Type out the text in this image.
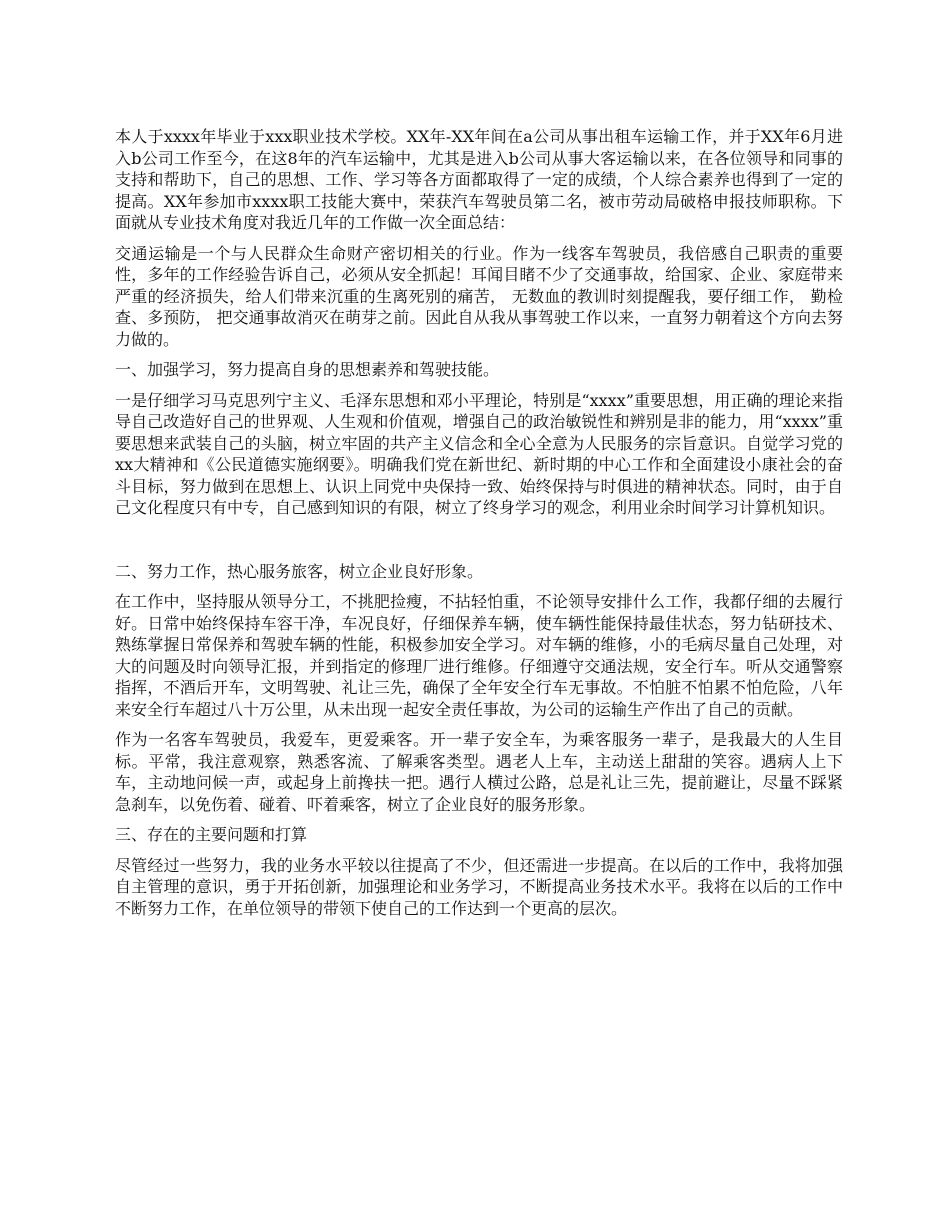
本人于xxxx年毕业于xxx职业技术学校。XX年-XX年间在a公司从事出租车运输工作，并于XX年6月进入b公司工作至今，在这8年的汽车运输中，尤其是进入b公司从事大客运输以来，在各位领导和同事的支持和帮助下，自己的思想、工作、学习等各方面都取得了一定的成绩，个人综合素养也得到了一定的提高。XX年参加市xxxx职工技能大赛中，荣获汽车驾驶员第二名，被市劳动局破格申报技师职称。下面就从专业技术角度对我近几年的工作做一次全面总结：

交通运输是一个与人民群众生命财产密切相关的行业。作为一线客车驾驶员，我倍感自己职责的重要性，多年的工作经验告诉自己，必须从安全抓起！耳闻目睹不少了交通事故，给国家、企业、家庭带来严重的经济损失，给人们带来沉重的生离死别的痛苦， 无数血的教训时刻提醒我，要仔细工作， 勤检查、多预防， 把交通事故消灭在萌芽之前。因此自从我从事驾驶工作以来，一直努力朝着这个方向去努力做的。

一、加强学习，努力提高自身的思想素养和驾驶技能。

一是仔细学习马克思列宁主义、毛泽东思想和邓小平理论，特别是“xxxx”重要思想，用正确的理论来指导自己改造好自己的世界观、人生观和价值观，增强自己的政治敏锐性和辨别是非的能力，用“xxxx”重要思想来武装自己的头脑，树立牢固的共产主义信念和全心全意为人民服务的宗旨意识。自觉学习党的xx大精神和《公民道德实施纲要》。明确我们党在新世纪、新时期的中心工作和全面建设小康社会的奋斗目标，努力做到在思想上、认识上同党中央保持一致、始终保持与时俱进的精神状态。同时，由于自己文化程度只有中专，自己感到知识的有限，树立了终身学习的观念，利用业余时间学习计算机知识。

二、努力工作，热心服务旅客，树立企业良好形象。

在工作中，坚持服从领导分工，不挑肥捡瘦，不拈轻怕重，不论领导安排什么工作，我都仔细的去履行好。日常中始终保持车容干净，车况良好，仔细保养车辆，使车辆性能保持最佳状态，努力钻研技术、熟练掌握日常保养和驾驶车辆的性能，积极参加安全学习。对车辆的维修，小的毛病尽量自己处理，对大的问题及时向领导汇报，并到指定的修理厂进行维修。仔细遵守交通法规，安全行车。听从交通警察指挥，不酒后开车，文明驾驶、礼让三先，确保了全年安全行车无事故。不怕脏不怕累不怕危险，八年来安全行车超过八十万公里，从未出现一起安全责任事故，为公司的运输生产作出了自己的贡献。

作为一名客车驾驶员，我爱车，更爱乘客。开一辈子安全车，为乘客服务一辈子，是我最大的人生目标。平常，我注意观察，熟悉客流、了解乘客类型。遇老人上车，主动送上甜甜的笑容。遇病人上下车，主动地问候一声，或起身上前搀扶一把。遇行人横过公路，总是礼让三先，提前避让，尽量不踩紧急刹车，以免伤着、碰着、吓着乘客，树立了企业良好的服务形象。

三、存在的主要问题和打算

尽管经过一些努力，我的业务水平较以往提高了不少，但还需进一步提高。在以后的工作中，我将加强自主管理的意识，勇于开拓创新，加强理论和业务学习，不断提高业务技术水平。我将在以后的工作中不断努力工作，在单位领导的带领下使自己的工作达到一个更高的层次。
